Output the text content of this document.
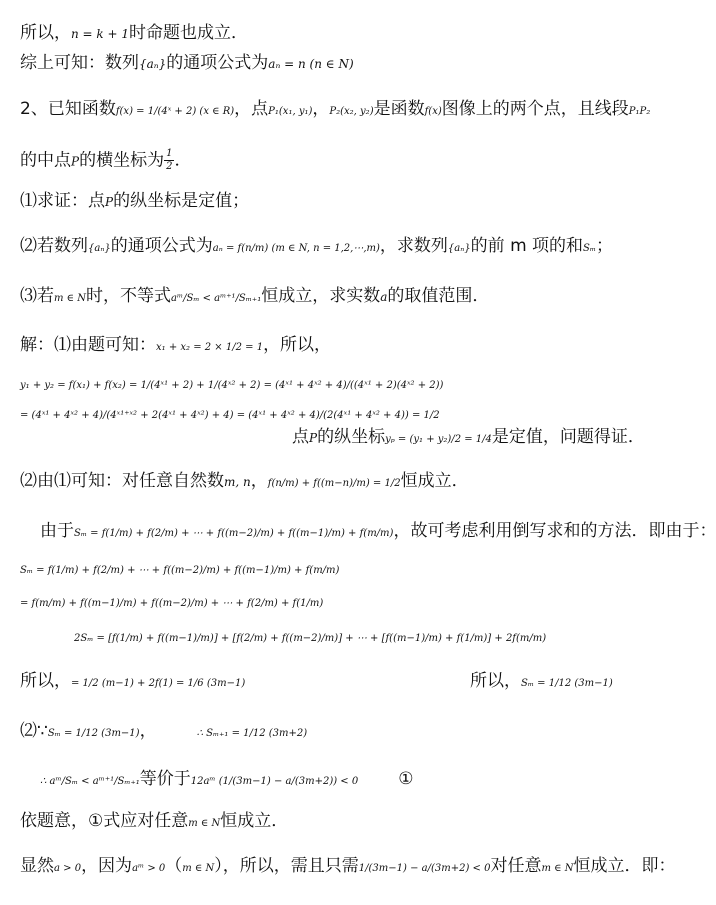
所以，n = k + 1时命题也成立．
综上可知：数列{aₙ}的通项公式为aₙ = n (n ∈ N)
2、已知函数f(x) = 1/(4ˣ + 2) (x ∈ R)，点P₁(x₁, y₁)，P₂(x₂, y₂)是函数f(x)图像上的两个点，且线段P₁P₂
的中点P的横坐标为 $\frac{1}{2}$ ．
⑴求证：点P的纵坐标是定值；
⑵若数列{aₙ}的通项公式为aₙ = f(n/m) (m ∈ N, n = 1,2,⋯,m)，求数列{aₙ}的前 m 项的和Sₘ；
⑶若m ∈ N时，不等式aᵐ/Sₘ < aᵐ⁺¹/Sₘ₊₁恒成立，求实数a的取值范围．
解：⑴由题可知：x₁ + x₂ = 2 × 1/2 = 1，所以，
y₁ + y₂ = f(x₁) + f(x₂) = 1/(4ˣ¹ + 2) + 1/(4ˣ² + 2) = (4ˣ¹ + 4ˣ² + 4)/((4ˣ¹ + 2)(4ˣ² + 2))
= (4ˣ¹ + 4ˣ² + 4)/(4ˣ¹⁺ˣ² + 2(4ˣ¹ + 4ˣ²) + 4) = (4ˣ¹ + 4ˣ² + 4)/(2(4ˣ¹ + 4ˣ² + 4)) = 1/2
点P的纵坐标yₚ = (y₁ + y₂)/2 = 1/4是定值，问题得证．
⑵由⑴可知：对任意自然数m, n，f(n/m) + f((m−n)/m) = 1/2恒成立．
由于Sₘ = f(1/m) + f(2/m) + ⋯ + f((m−2)/m) + f((m−1)/m) + f(m/m)，故可考虑利用倒写求和的方法．即由于：
Sₘ = f(1/m) + f(2/m) + ⋯ + f((m−2)/m) + f((m−1)/m) + f(m/m)
= f(m/m) + f((m−1)/m) + f((m−2)/m) + ⋯ + f(2/m) + f(1/m)
2Sₘ = [f(1/m) + f((m−1)/m)] + [f(2/m) + f((m−2)/m)] + ⋯ + [f((m−1)/m) + f(1/m)] + 2f(m/m)
所以，= 1/2 (m−1) + 2f(1) = 1/6 (3m−1)	所以，Sₘ = 1/12 (3m−1)
⑵∵Sₘ = 1/12 (3m−1)，	∴ Sₘ₊₁ = 1/12 (3m+2)
∴ aᵐ/Sₘ < aᵐ⁺¹/Sₘ₊₁等价于12aᵐ (1/(3m−1) − a/(3m+2)) < 0 ①
依题意，①式应对任意m ∈ N恒成立．
显然a > 0，因为aᵐ > 0（m ∈ N），所以，需且只需1/(3m−1) − a/(3m+2) < 0对任意m ∈ N恒成立．即：
